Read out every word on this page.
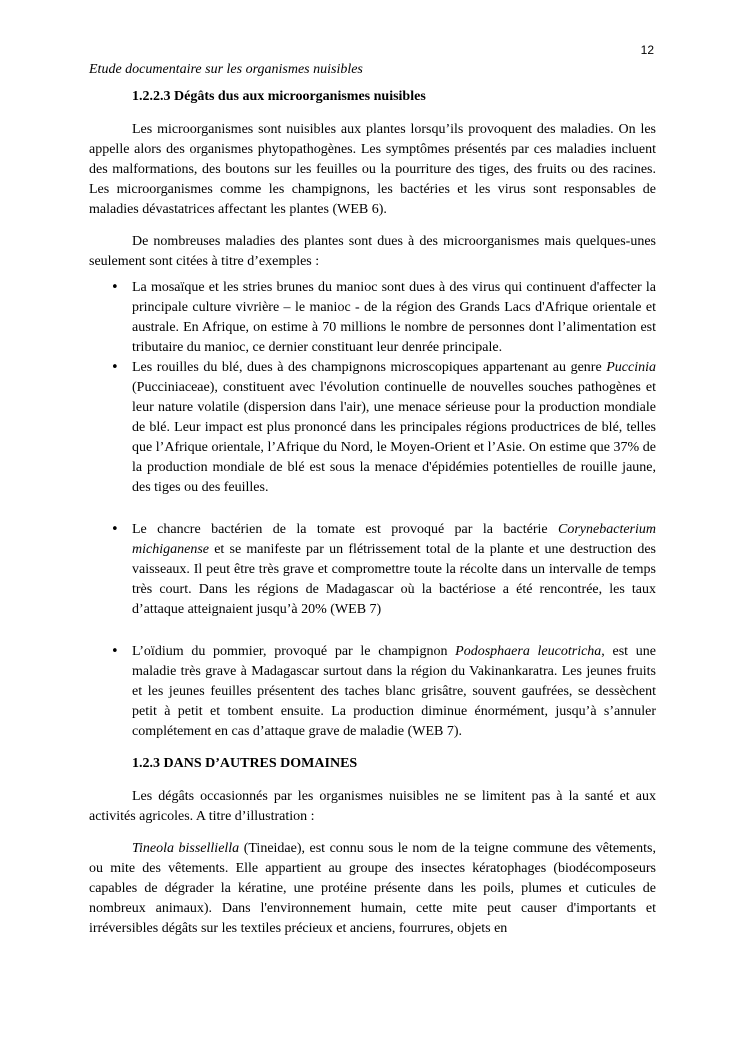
12

Etude documentaire sur les organismes nuisibles

1.2.2.3 Dégâts dus aux microorganismes nuisibles

Les microorganismes sont nuisibles aux plantes lorsqu’ils provoquent des maladies. On les appelle alors des organismes phytopathogènes. Les symptômes présentés par ces maladies incluent des malformations, des boutons sur les feuilles ou la pourriture des tiges, des fruits ou des racines. Les microorganismes comme les champignons, les bactéries et les virus sont responsables de maladies dévastatrices affectant les plantes (WEB 6).

De nombreuses maladies des plantes sont dues à des microorganismes mais quelques-unes seulement sont citées à titre d’exemples :

• La mosaïque et les stries brunes du manioc sont dues à des virus qui continuent d'affecter la principale culture vivrière – le manioc - de la région des Grands Lacs d'Afrique orientale et australe. En Afrique, on estime à 70 millions le nombre de personnes dont l’alimentation est tributaire du manioc, ce dernier constituant leur denrée principale.
• Les rouilles du blé, dues à des champignons microscopiques appartenant au genre Puccinia (Pucciniaceae), constituent avec l'évolution continuelle de nouvelles souches pathogènes et leur nature volatile (dispersion dans l'air), une menace sérieuse pour la production mondiale de blé. Leur impact est plus prononcé dans les principales régions productrices de blé, telles que l’Afrique orientale, l’Afrique du Nord, le Moyen-Orient et l’Asie. On estime que 37% de la production mondiale de blé est sous la menace d'épidémies potentielles de rouille jaune, des tiges ou des feuilles.
• Le chancre bactérien de la tomate est provoqué par la bactérie Corynebacterium michiganense et se manifeste par un flétrissement total de la plante et une destruction des vaisseaux. Il peut être très grave et compromettre toute la récolte dans un intervalle de temps très court. Dans les régions de Madagascar où la bactériose a été rencontrée, les taux d’attaque atteignaient jusqu’à 20% (WEB 7)
• L’oïdium du pommier, provoqué par le champignon Podosphaera leucotricha, est une maladie très grave à Madagascar surtout dans la région du Vakinankaratra. Les jeunes fruits et les jeunes feuilles présentent des taches blanc grisâtre, souvent gaufrées, se dessèchent petit à petit et tombent ensuite. La production diminue énormément, jusqu’à s’annuler complétement en cas d’attaque grave de maladie (WEB 7).
1.2.3 DANS D’AUTRES DOMAINES

Les dégâts occasionnés par les organismes nuisibles ne se limitent pas à la santé et aux activités agricoles. A titre d’illustration :

Tineola bisselliella (Tineidae), est connu sous le nom de la teigne commune des vêtements, ou mite des vêtements. Elle appartient au groupe des insectes kératophages (biodécomposeurs capables de dégrader la kératine, une protéine présente dans les poils, plumes et cuticules de nombreux animaux). Dans l'environnement humain, cette mite peut causer d'importants et irréversibles dégâts sur les textiles précieux et anciens, fourrures, objets en
